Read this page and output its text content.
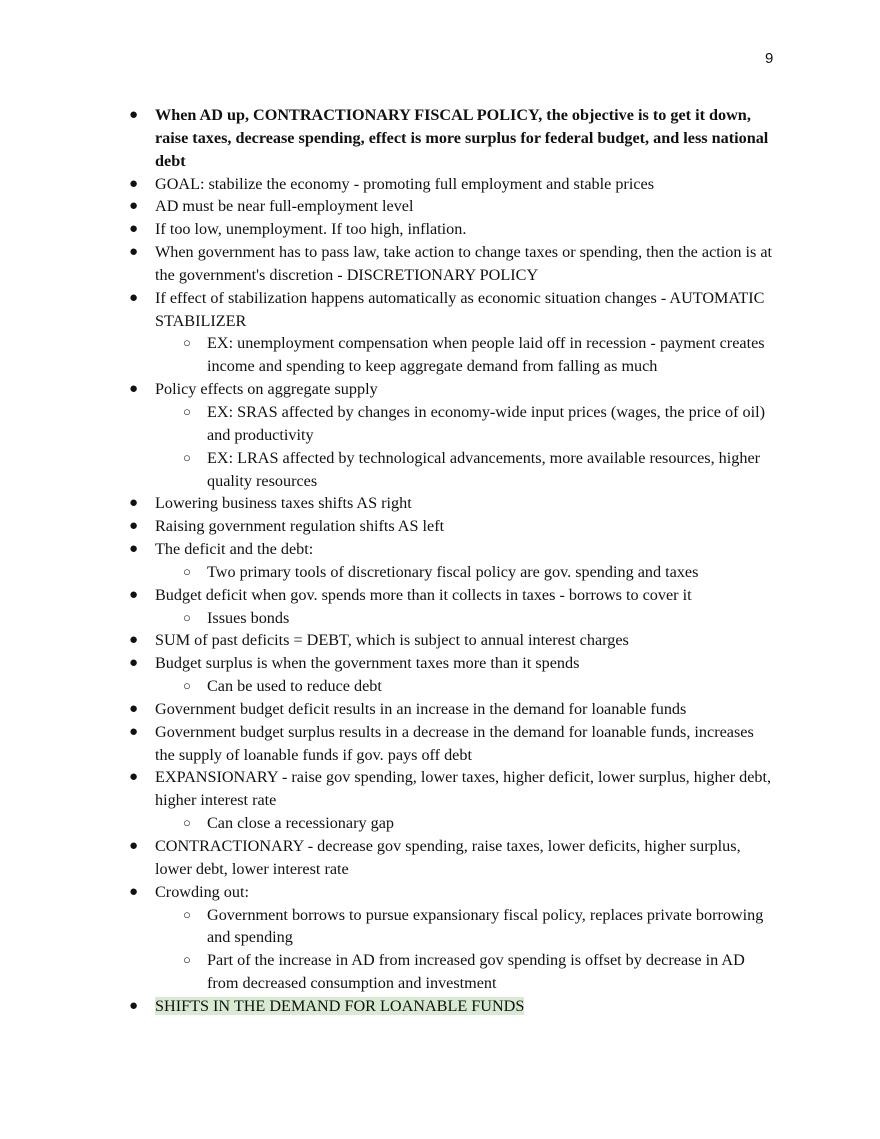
9
● When AD up, CONTRACTIONARY FISCAL POLICY, the objective is to get it down, raise taxes, decrease spending, effect is more surplus for federal budget, and less national debt
● GOAL: stabilize the economy - promoting full employment and stable prices
● AD must be near full-employment level
● If too low, unemployment. If too high, inflation.
● When government has to pass law, take action to change taxes or spending, then the action is at the government's discretion - DISCRETIONARY POLICY
● If effect of stabilization happens automatically as economic situation changes - AUTOMATIC STABILIZER
○ EX: unemployment compensation when people laid off in recession - payment creates income and spending to keep aggregate demand from falling as much
● Policy effects on aggregate supply
○ EX: SRAS affected by changes in economy-wide input prices (wages, the price of oil) and productivity
○ EX: LRAS affected by technological advancements, more available resources, higher quality resources
● Lowering business taxes shifts AS right
● Raising government regulation shifts AS left
● The deficit and the debt:
○ Two primary tools of discretionary fiscal policy are gov. spending and taxes
● Budget deficit when gov. spends more than it collects in taxes - borrows to cover it
○ Issues bonds
● SUM of past deficits = DEBT, which is subject to annual interest charges
● Budget surplus is when the government taxes more than it spends
○ Can be used to reduce debt
● Government budget deficit results in an increase in the demand for loanable funds
● Government budget surplus results in a decrease in the demand for loanable funds, increases the supply of loanable funds if gov. pays off debt
● EXPANSIONARY - raise gov spending, lower taxes, higher deficit, lower surplus, higher debt, higher interest rate
○ Can close a recessionary gap
● CONTRACTIONARY - decrease gov spending, raise taxes, lower deficits, higher surplus, lower debt, lower interest rate
● Crowding out:
○ Government borrows to pursue expansionary fiscal policy, replaces private borrowing and spending
○ Part of the increase in AD from increased gov spending is offset by decrease in AD from decreased consumption and investment
● SHIFTS IN THE DEMAND FOR LOANABLE FUNDS
